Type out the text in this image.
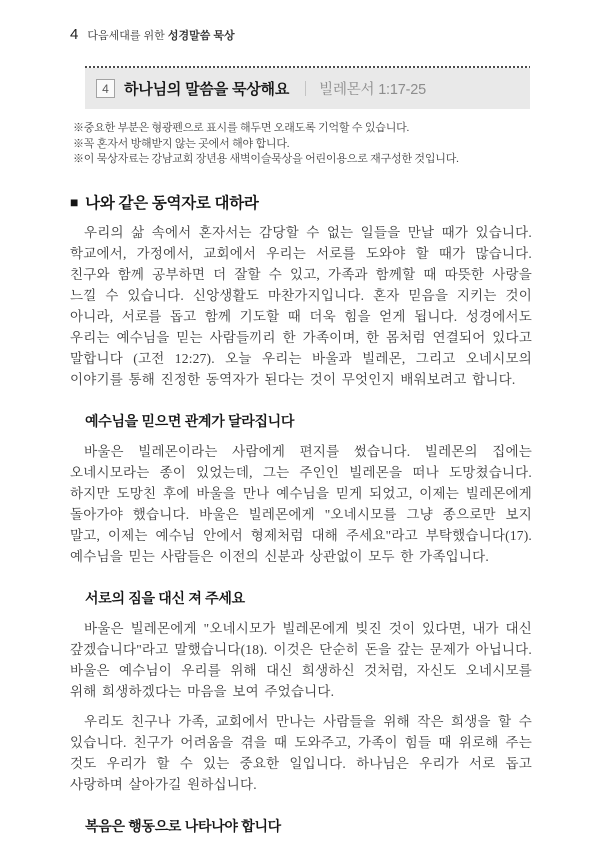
4 다음세대를 위한 성경말씀 묵상
4	하나님의 말씀을 묵상해요 빌레몬서 1:17-25
※중요한 부분은 형광펜으로 표시를 해두면 오래도록 기억할 수 있습니다.
※꼭 혼자서 방해받지 않는 곳에서 해야 합니다.
※이 묵상자료는 강남교회 장년용 새벽이슬묵상을 어린이용으로 재구성한 것입니다.
■ 나와 같은 동역자로 대하라

우리의 삶 속에서 혼자서는 감당할 수 없는 일들을 만날 때가 있습니다. 학교에서, 가정에서, 교회에서 우리는 서로를 도와야 할 때가 많습니다. 친구와 함께 공부하면 더 잘할 수 있고, 가족과 함께할 때 따뜻한 사랑을 느낄 수 있습니다. 신앙생활도 마찬가지입니다. 혼자 믿음을 지키는 것이 아니라, 서로를 돕고 함께 기도할 때 더욱 힘을 얻게 됩니다. 성경에서도 우리는 예수님을 믿는 사람들끼리 한 가족이며, 한 몸처럼 연결되어 있다고 말합니다 (고전 12:27). 오늘 우리는 바울과 빌레몬, 그리고 오네시모의 이야기를 통해 진정한 동역자가 된다는 것이 무엇인지 배워보려고 합니다.

예수님을 믿으면 관계가 달라집니다

바울은 빌레몬이라는 사람에게 편지를 썼습니다. 빌레몬의 집에는 오네시모라는 종이 있었는데, 그는 주인인 빌레몬을 떠나 도망쳤습니다. 하지만 도망친 후에 바울을 만나 예수님을 믿게 되었고, 이제는 빌레몬에게 돌아가야 했습니다. 바울은 빌레몬에게 "오네시모를 그냥 종으로만 보지 말고, 이제는 예수님 안에서 형제처럼 대해 주세요"라고 부탁했습니다(17). 예수님을 믿는 사람들은 이전의 신분과 상관없이 모두 한 가족입니다.

서로의 짐을 대신 져 주세요

바울은 빌레몬에게 "오네시모가 빌레몬에게 빚진 것이 있다면, 내가 대신 갚겠습니다"라고 말했습니다(18). 이것은 단순히 돈을 갚는 문제가 아닙니다. 바울은 예수님이 우리를 위해 대신 희생하신 것처럼, 자신도 오네시모를 위해 희생하겠다는 마음을 보여 주었습니다.

우리도 친구나 가족, 교회에서 만나는 사람들을 위해 작은 희생을 할 수 있습니다. 친구가 어려움을 겪을 때 도와주고, 가족이 힘들 때 위로해 주는 것도 우리가 할 수 있는 중요한 일입니다. 하나님은 우리가 서로 돕고 사랑하며 살아가길 원하십니다.

복음은 행동으로 나타나야 합니다
